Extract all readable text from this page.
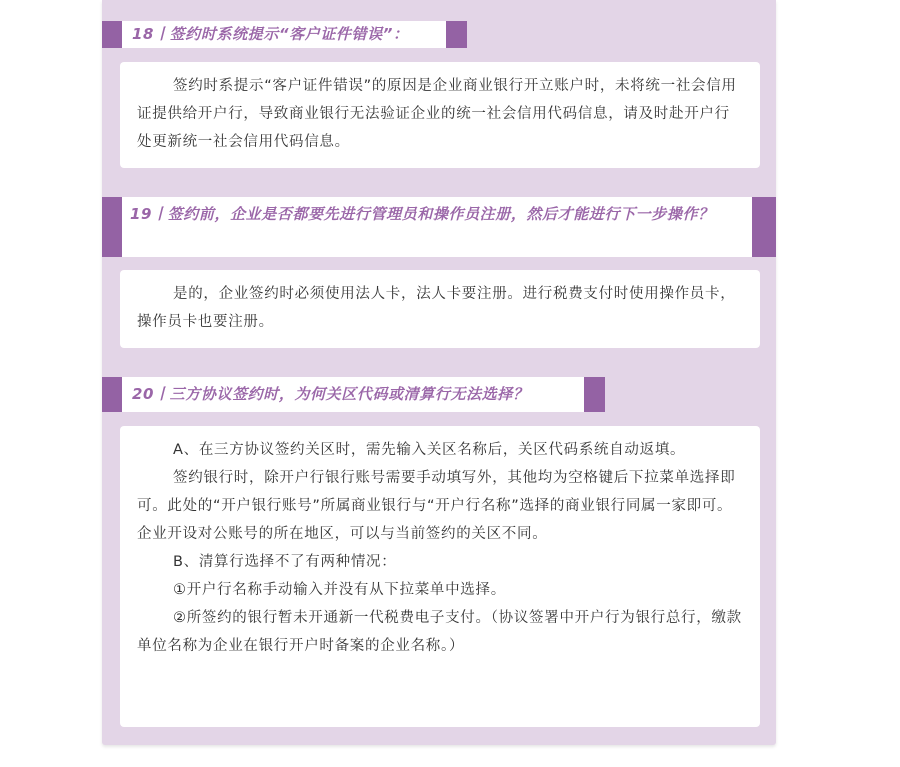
18丨签约时系统提示“客户证件错误”：

签约时系提示“客户证件错误”的原因是企业商业银行开立账户时，未将统一社会信用证提供给开户行，导致商业银行无法验证企业的统一社会信用代码信息，请及时赴开户行处更新统一社会信用代码信息。

19丨签约前，企业是否都要先进行管理员和操作员注册，然后才能进行下一步操作？

是的，企业签约时必须使用法人卡，法人卡要注册。进行税费支付时使用操作员卡，操作员卡也要注册。

20丨三方协议签约时，为何关区代码或清算行无法选择？

A、在三方协议签约关区时，需先输入关区名称后，关区代码系统自动返填。

签约银行时，除开户行银行账号需要手动填写外，其他均为空格键后下拉菜单选择即可。此处的“开户银行账号”所属商业银行与“开户行名称”选择的商业银行同属一家即可。

企业开设对公账号的所在地区，可以与当前签约的关区不同。

B、清算行选择不了有两种情况：

①开户行名称手动输入并没有从下拉菜单中选择。

②所签约的银行暂未开通新一代税费电子支付。（协议签署中开户行为银行总行，缴款单位名称为企业在银行开户时备案的企业名称。）
